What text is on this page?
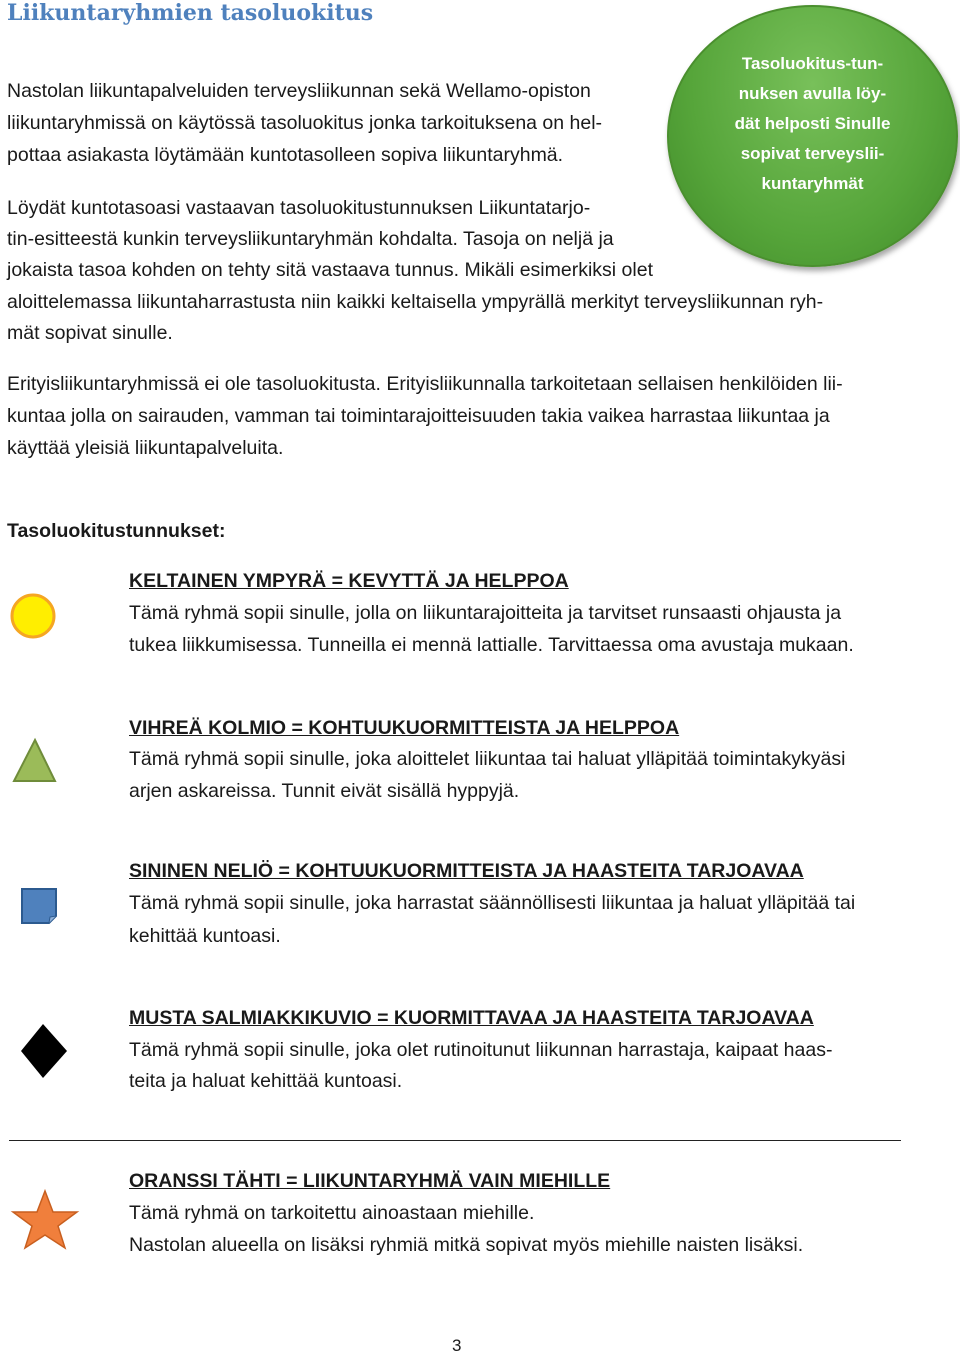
Liikuntaryhmien tasoluokitus
Nastolan liikuntapalveluiden terveysliikunnan sekä Wellamo-opiston
liikuntaryhmissä on käytössä tasoluokitus jonka tarkoituksena on hel-
pottaa asiakasta löytämään kuntotasolleen sopiva liikuntaryhmä.
Tasoluokitus-tun-
nuksen avulla löy-
dät helposti Sinulle
sopivat terveyslii-
kuntaryhmät
Löydät kuntotasoasi vastaavan tasoluokitustunnuksen Liikuntatarjo-
tin-esitteestä kunkin terveysliikuntaryhmän kohdalta. Tasoja on neljä ja
jokaista tasoa kohden on tehty sitä vastaava tunnus. Mikäli esimerkiksi olet
aloittelemassa liikuntaharrastusta niin kaikki keltaisella ympyrällä merkityt terveysliikunnan ryh-
mät sopivat sinulle.
Erityisliikuntaryhmissä ei ole tasoluokitusta. Erityisliikunnalla tarkoitetaan sellaisen henkilöiden lii-
kuntaa jolla on sairauden, vamman tai toimintarajoitteisuuden takia vaikea harrastaa liikuntaa ja
käyttää yleisiä liikuntapalveluita.
Tasoluokitustunnukset:
KELTAINEN YMPYRÄ = KEVYTTÄ JA HELPPOA
Tämä ryhmä sopii sinulle, jolla on liikuntarajoitteita ja tarvitset runsaasti ohjausta ja
tukea liikkumisessa. Tunneilla ei mennä lattialle. Tarvittaessa oma avustaja mukaan.
VIHREÄ KOLMIO = KOHTUUKUORMITTEISTA JA HELPPOA
Tämä ryhmä sopii sinulle, joka aloittelet liikuntaa tai haluat ylläpitää toimintakykyäsi
arjen askareissa. Tunnit eivät sisällä hyppyjä.
SININEN NELIÖ = KOHTUUKUORMITTEISTA JA HAASTEITA TARJOAVAA
Tämä ryhmä sopii sinulle, joka harrastat säännöllisesti liikuntaa ja haluat ylläpitää tai
kehittää kuntoasi.
MUSTA SALMIAKKIKUVIO = KUORMITTAVAA JA HAASTEITA TARJOAVAA
Tämä ryhmä sopii sinulle, joka olet rutinoitunut liikunnan harrastaja, kaipaat haas-
teita ja haluat kehittää kuntoasi.
ORANSSI TÄHTI = LIIKUNTARYHMÄ VAIN MIEHILLE
Tämä ryhmä on tarkoitettu ainoastaan miehille.
Nastolan alueella on lisäksi ryhmiä mitkä sopivat myös miehille naisten lisäksi.
3
